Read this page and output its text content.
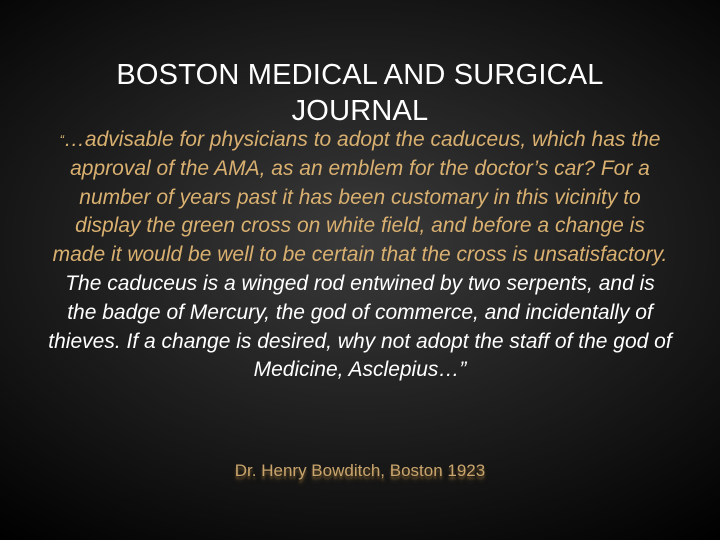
BOSTON MEDICAL AND SURGICAL JOURNAL

“…advisable for physicians to adopt the caduceus, which has the approval of the AMA, as an emblem for the doctor’s car? For a number of years past it has been customary in this vicinity to display the green cross on white field, and before a change is made it would be well to be certain that the cross is unsatisfactory. The caduceus is a winged rod entwined by two serpents, and is the badge of Mercury, the god of commerce, and incidentally of thieves. If a change is desired, why not adopt the staff of the god of Medicine, Asclepius…”

Dr. Henry Bowditch, Boston 1923
